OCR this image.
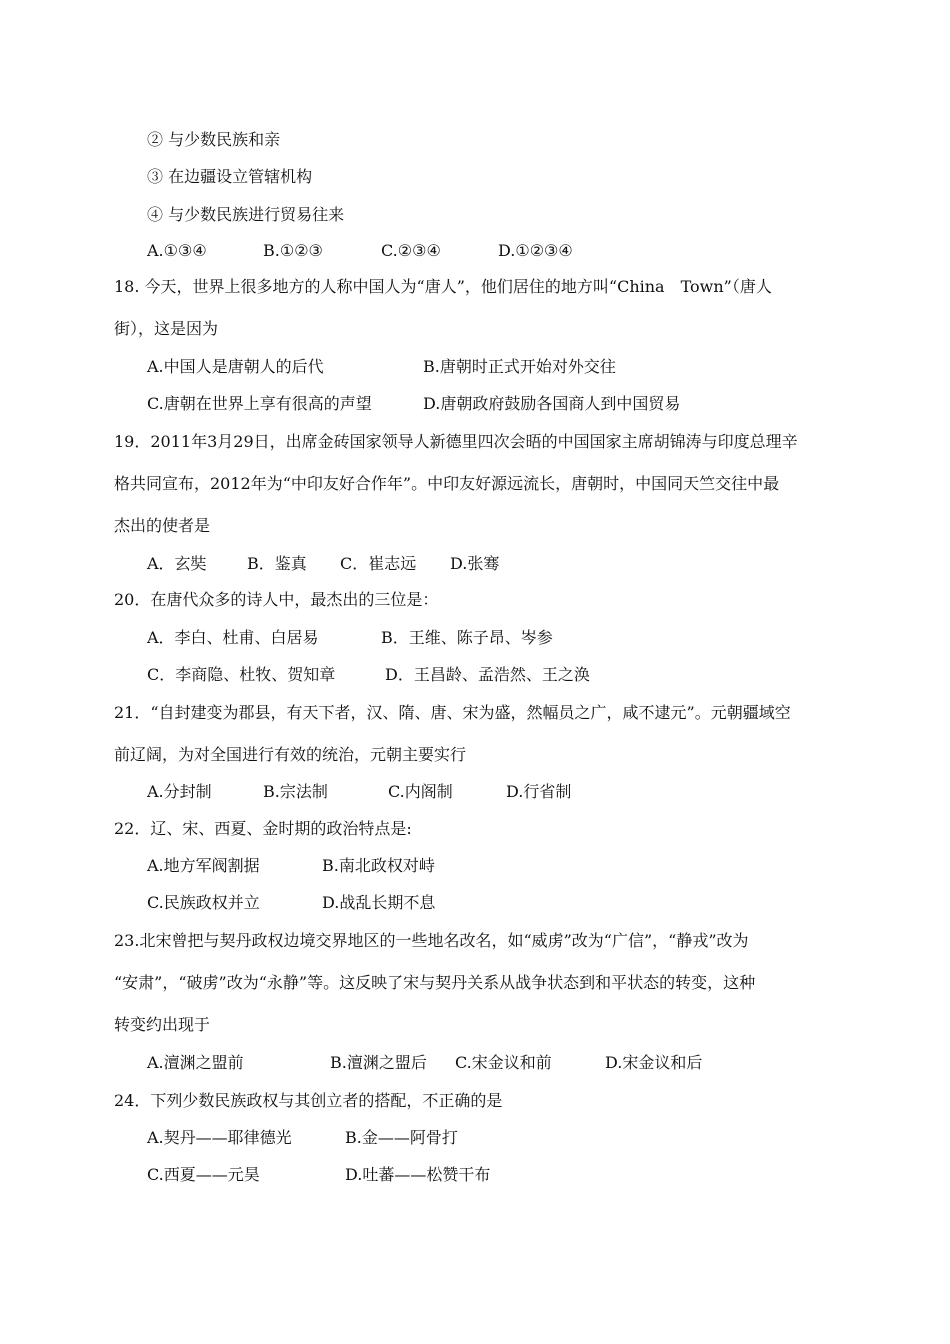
② 与少数民族和亲
③ 在边疆设立管辖机构
④ 与少数民族进行贸易往来
A.①③④	B.①②③	C.②③④	D.①②③④
18. 今天，世界上很多地方的人称中国人为“唐人”，他们居住的地方叫“China　Town”（唐人
街），这是因为
A.中国人是唐朝人的后代	B.唐朝时正式开始对外交往
C.唐朝在世界上享有很高的声望	D.唐朝政府鼓励各国商人到中国贸易
19．2011年3月29日，出席金砖国家领导人新德里四次会晤的中国国家主席胡锦涛与印度总理辛
格共同宣布，2012年为“中印友好合作年”。中印友好源远流长，唐朝时，中国同天竺交往中最
杰出的使者是
A．玄奘	B．鉴真 C．崔志远 D.张骞
20．在唐代众多的诗人中，最杰出的三位是：
A．李白、杜甫、白居易	B．王维、陈子昂、岑参
C．李商隐、杜牧、贺知章	D．王昌龄、孟浩然、王之涣
21．“自封建变为郡县，有天下者，汉、隋、唐、宋为盛，然幅员之广，咸不逮元”。元朝疆域空
前辽阔，为对全国进行有效的统治，元朝主要实行
A.分封制	B.宗法制	C.内阁制	D.行省制
22．辽、宋、西夏、金时期的政治特点是:
A.地方军阀割据	B.南北政权对峙
C.民族政权并立	D.战乱长期不息
23.北宋曾把与契丹政权边境交界地区的一些地名改名，如“威虏”改为“广信”，“静戎”改为
“安肃”，“破虏”改为“永静”等。这反映了宋与契丹关系从战争状态到和平状态的转变，这种
转变约出现于
A.澶渊之盟前	B.澶渊之盟后 C.宋金议和前	D.宋金议和后
24．下列少数民族政权与其创立者的搭配，不正确的是
A.契丹——耶律德光	B.金——阿骨打
C.西夏——元昊	D.吐蕃——松赞干布
